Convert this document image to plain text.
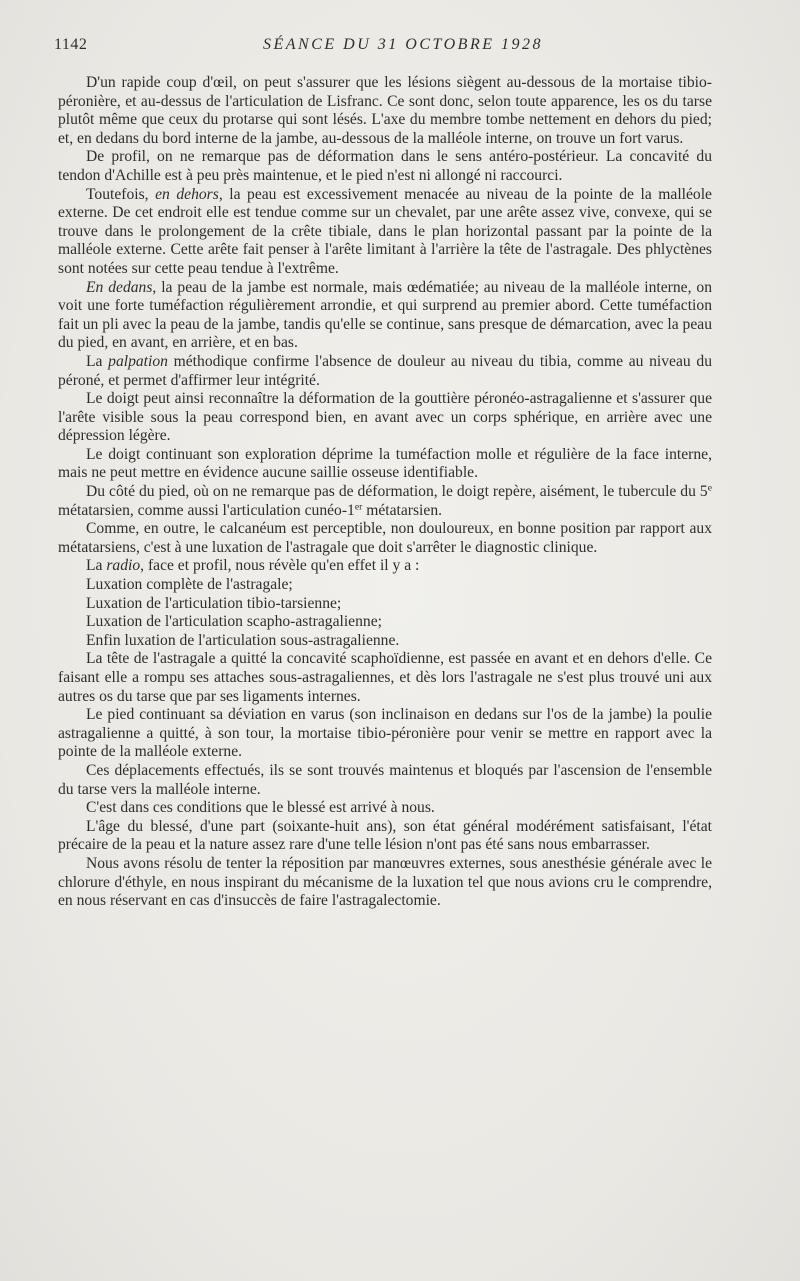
1142	SÉANCE DU 31 OCTOBRE 1928

D'un rapide coup d'œil, on peut s'assurer que les lésions siègent au-dessous de la mortaise tibio-péronière, et au-dessus de l'articulation de Lisfranc. Ce sont donc, selon toute apparence, les os du tarse plutôt même que ceux du protarse qui sont lésés. L'axe du membre tombe nettement en dehors du pied; et, en dedans du bord interne de la jambe, au-dessous de la malléole interne, on trouve un fort varus.

De profil, on ne remarque pas de déformation dans le sens antéro-postérieur. La concavité du tendon d'Achille est à peu près maintenue, et le pied n'est ni allongé ni raccourci.

Toutefois, en dehors, la peau est excessivement menacée au niveau de la pointe de la malléole externe. De cet endroit elle est tendue comme sur un chevalet, par une arête assez vive, convexe, qui se trouve dans le prolongement de la crête tibiale, dans le plan horizontal passant par la pointe de la malléole externe. Cette arête fait penser à l'arête limitant à l'arrière la tête de l'astragale. Des phlyctènes sont notées sur cette peau tendue à l'extrême.

En dedans, la peau de la jambe est normale, mais œdématiée; au niveau de la malléole interne, on voit une forte tuméfaction régulièrement arrondie, et qui surprend au premier abord. Cette tuméfaction fait un pli avec la peau de la jambe, tandis qu'elle se continue, sans presque de démarcation, avec la peau du pied, en avant, en arrière, et en bas.

La palpation méthodique confirme l'absence de douleur au niveau du tibia, comme au niveau du péroné, et permet d'affirmer leur intégrité.

Le doigt peut ainsi reconnaître la déformation de la gouttière péronéo-astragalienne et s'assurer que l'arête visible sous la peau correspond bien, en avant avec un corps sphérique, en arrière avec une dépression légère.

Le doigt continuant son exploration déprime la tuméfaction molle et régulière de la face interne, mais ne peut mettre en évidence aucune saillie osseuse identifiable.

Du côté du pied, où on ne remarque pas de déformation, le doigt repère, aisément, le tubercule du 5e métatarsien, comme aussi l'articulation cunéo-1er métatarsien.

Comme, en outre, le calcanéum est perceptible, non douloureux, en bonne position par rapport aux métatarsiens, c'est à une luxation de l'astragale que doit s'arrêter le diagnostic clinique.

La radio, face et profil, nous révèle qu'en effet il y a :

Luxation complète de l'astragale;

Luxation de l'articulation tibio-tarsienne;

Luxation de l'articulation scapho-astragalienne;

Enfin luxation de l'articulation sous-astragalienne.

La tête de l'astragale a quitté la concavité scaphoïdienne, est passée en avant et en dehors d'elle. Ce faisant elle a rompu ses attaches sous-astragaliennes, et dès lors l'astragale ne s'est plus trouvé uni aux autres os du tarse que par ses ligaments internes.

Le pied continuant sa déviation en varus (son inclinaison en dedans sur l'os de la jambe) la poulie astragalienne a quitté, à son tour, la mortaise tibio-péronière pour venir se mettre en rapport avec la pointe de la malléole externe.

Ces déplacements effectués, ils se sont trouvés maintenus et bloqués par l'ascension de l'ensemble du tarse vers la malléole interne.

C'est dans ces conditions que le blessé est arrivé à nous.

L'âge du blessé, d'une part (soixante-huit ans), son état général modérément satisfaisant, l'état précaire de la peau et la nature assez rare d'une telle lésion n'ont pas été sans nous embarrasser.

Nous avons résolu de tenter la réposition par manœuvres externes, sous anesthésie générale avec le chlorure d'éthyle, en nous inspirant du mécanisme de la luxation tel que nous avions cru le comprendre, en nous réservant en cas d'insuccès de faire l'astragalectomie.
